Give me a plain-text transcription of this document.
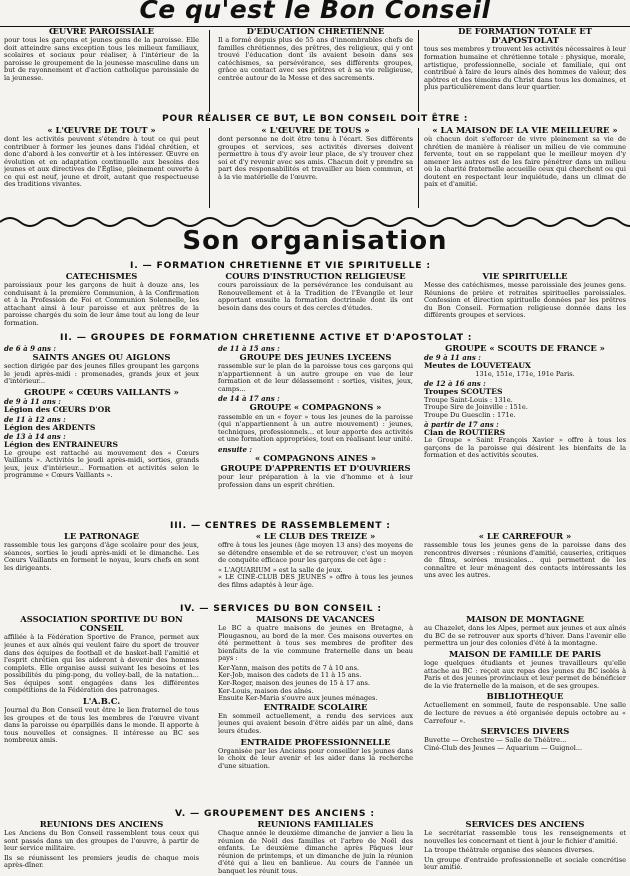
Ce qu'est le Bon Conseil
ŒUVRE PAROISSIALE

pour tous les garçons et jeunes gens de la paroisse. Elle doit atteindre sans exception tous les milieux familiaux, scolaires et sociaux pour réaliser, à l'intérieur de la paroisse le groupement de la jeunesse masculine dans un but de rayonnement et d'action catholique paroissiale de la jeunesse.

D'EDUCATION CHRETIENNE

Il a formé depuis plus de 55 ans d'innombrables chefs de familles chrétiennes, des prêtres, des religieux, qui y ont trouvé l'éducation dont ils avaient besoin dans ses catéchismes, sa persévérance, ses différents groupes, grâce au contact avec ses prêtres et à sa vie religieuse, centrée autour de la Messe et des sacrements.

DE FORMATION TOTALE ET D'APOSTOLAT

tous ses membres y trouvent les activités nécessaires à leur formation humaine et chrétienne totale : physique, morale, artistique, professionnelle, sociale et familiale, qui ont contribué à faire de leurs aînés des hommes de valeur, des apôtres et des témoins du Christ dans tous les domaines, et plus particulièrement dans leur quartier.

POUR RÉALISER CE BUT, LE BON CONSEIL DOIT ÊTRE :
« L'ŒUVRE DE TOUT »

dont les activités peuvent s'étendre à tout ce qui peut contribuer à former les jeunes dans l'idéal chrétien, et donc d'abord à les convertir et à les intéresser. Œuvre en évolution et en adaptation continuelle aux besoins des jeunes et aux directives de l'Église, pleinement ouverte à ce qui est neuf, jeune et droit, autant que respectueuse des traditions vivantes.

« L'ŒUVRE DE TOUS »

dont personne ne doit être tenu à l'écart. Ses différents groupes et services, ses activités diverses doivent permettre à tous d'y avoir leur place, de s'y trouver chez soi et d'y revenir avec ses amis. Chacun doit y prendre sa part des responsabilités et travailler au bien commun, et à la vie matérielle de l'œuvre.

« LA MAISON DE LA VIE MEILLEURE »

où chacun doit s'efforcer de vivre pleinement sa vie de chrétien de manière à réaliser un milieu de vie commune fervente, tout en se rappelant que le meilleur moyen d'y amener les autres est de les faire pénétrer dans un milieu où la charité fraternelle accueille ceux qui cherchent ou qui doutent en respectant leur inquiétude, dans un climat de paix et d'amitié.

Son organisation
I. — FORMATION CHRETIENNE ET VIE SPIRITUELLE :
CATECHISMES

paroissiaux pour les garçons de huit à douze ans, les conduisant à la première Communion, à la Confirmation et à la Profession de Foi et Communion Solennelle, les attachant ainsi à leur paroisse et aux prêtres de la paroisse chargés du soin de leur âme tout au long de leur formation.

COURS D'INSTRUCTION RELIGIEUSE

cours paroissiaux de la persévérance les conduisant au Renouvellement et à la Tradition de l'Évangile et leur apportant ensuite la formation doctrinale dont ils ont besoin dans des cours et des cercles d'études.

VIE SPIRITUELLE

Messe des catéchismes, messe paroissiale des jeunes gens. Réunions de prière et retraites spirituelles paroissiales. Confession et direction spirituelle données par les prêtres du Bon Conseil. Formation religieuse donnée dans les différents groupes et services.

II. — GROUPES DE FORMATION CHRETIENNE ACTIVE ET D'APOSTOLAT :
de 6 à 9 ans :
SAINTS ANGES OU AIGLONS

section dirigée par des jeunes filles groupant les garçons le jeudi après-midi : promenades, grands jeux et jeux d'intérieur...

GROUPE « CŒURS VAILLANTS »
de 9 à 11 ans :
Légion des CŒURS D'OR
de 11 à 12 ans :
Légion des ARDENTS
de 13 à 14 ans :
Légion des ENTRAINEURS

Le groupe est rattaché au mouvement des « Cœurs Vaillants ». Activités le jeudi après-midi, sorties, grands jeux, jeux d'intérieur... Formation et activités selon le programme « Cœurs Vaillants ».

de 11 à 15 ans :
GROUPE DES JEUNES LYCEENS

rassemble sur le plan de la paroisse tous ces garçons qui n'appartiennent à un autre groupe en vue de leur formation et de leur délassement : sorties, visites, jeux, camps...

de 14 à 17 ans :
GROUPE « COMPAGNONS »

rassemble en un « foyer » tous les jeunes de la paroisse (qui n'appartiennent à un autre mouvement) : jeunes, techniques, professionnels... et leur apporte des activités et une formation appropriées, tout en réalisant leur unité.

ensuite :
« COMPAGNONS AINES »
GROUPE D'APPRENTIS ET D'OUVRIERS

pour leur préparation à la vie d'homme et à leur profession dans un esprit chrétien.

GROUPE « SCOUTS DE FRANCE »
de 9 à 11 ans :
Meutes de LOUVETEAUX

131e, 151e, 171e, 191e Paris.

de 12 à 16 ans :
Troupes SCOUTES
Troupe Saint-Louis : 131e.
Troupe Sire de Joinville : 151e.
Troupe Du Guesclin : 171e.
à partir de 17 ans :
Clan de ROUTIERS

Le Groupe « Saint François Xavier » offre à tous les garçons de la paroisse qui désirent les bienfaits de la formation et des activités scoutes.

III. — CENTRES DE RASSEMBLEMENT :
LE PATRONAGE

rassemble tous les garçons d'âge scolaire pour des jeux, séances, sorties le jeudi après-midi et le dimanche. Les Cœurs Vaillants en forment le noyau, leurs chefs en sont les dirigeants.

« LE CLUB DES TREIZE »

offre à tous les jeunes (âge moyen 13 ans) des moyens de se détendre ensemble et de se retrouver, c'est un moyen de conquête efficace pour les garçons de cet âge :

« L'AQUARIUM » est la salle de jeux.
« LE CINÉ-CLUB DES JEUNES » offre à tous les jeunes des films adaptés à leur âge.
« LE CARREFOUR »

rassemble tous les jeunes gens de la paroisse dans des rencontres diverses : réunions d'amitié, causeries, critiques de films, soirées musicales... qui permettent de les connaître et leur ménagent des contacts intéressants les uns avec les autres.

IV. — SERVICES DU BON CONSEIL :
ASSOCIATION SPORTIVE DU BON CONSEIL

affiliée à la Fédération Sportive de France, permet aux jeunes et aux aînés qui veulent faire du sport de trouver dans des équipes de football et de basket-ball l'amitié et l'esprit chrétien qui les aideront à devenir des hommes complets. Elle organise aussi suivant les besoins et les possibilités du ping-pong, du volley-ball, de la natation... Ses équipes sont engagées dans les différentes compétitions de la Fédération des patronages.

L'A.B.C.

Journal du Bon Conseil veut être le lien fraternel de tous les groupes et de tous les membres de l'œuvre vivant dans la paroisse ou éparpillés dans le monde. Il apporte à tous nouvelles et consignes. Il intéresse au BC ses nombreux amis.

MAISONS DE VACANCES

Le BC a quatre maisons de jeunes en Bretagne, à Plougasnou, au bord de la mer. Ces maisons ouvertes en été permettent à tous ses membres de profiter des bienfaits de la vie commune fraternelle dans un beau pays :

Ker-Yann, maison des petits de 7 à 10 ans.
Ker-Job, maison des cadets de 11 à 15 ans.
Ker-Roger, maison des jeunes de 15 à 17 ans.
Ker-Louis, maison des aînés.
Ensuite Ker-Maria s'ouvre aux jeunes ménages.
ENTRAIDE SCOLAIRE

En sommeil actuellement, a rendu des services aux jeunes qui avaient besoin d'être aidés par un aîné, dans leurs études.

ENTRAIDE PROFESSIONNELLE

Organisée par les Anciens pour conseiller les jeunes dans le choix de leur avenir et les aider dans la recherche d'une situation.

MAISON DE MONTAGNE

au Chazelet, dans les Alpes, permet aux jeunes et aux aînés du BC de se retrouver aux sports d'hiver. Dans l'avenir elle permettra un jour des colonies d'été à la montagne.

MAISON DE FAMILLE DE PARIS

loge quelques étudiants et jeunes travailleurs qu'elle attache au BC : reçoit aux repas des jeunes du BC isolés à Paris et des jeunes provinciaux et leur permet de bénéficier de la vie fraternelle de la maison, et de ses groupes.

BIBLIOTHEQUE

Actuellement en sommeil, faute de responsable. Une salle de lecture de revues a été organisée depuis octobre au « Carrefour ».

SERVICES DIVERS
Buvette — Orchestre — Salle de Théâtre...
Ciné-Club des Jeunes — Aquarium — Guignol...
V. — GROUPEMENT DES ANCIENS :
REUNIONS DES ANCIENS

Les Anciens du Bon Conseil rassemblent tous ceux qui sont passés dans un des groupes de l'œuvre, à partir de leur service militaire.

Ils se réunissent les premiers jeudis de chaque mois après-dîner.

REUNIONS FAMILIALES

Chaque année le deuxième dimanche de janvier a lieu la réunion de Noël des familles et l'arbre de Noël des enfants. Le deuxième dimanche après Pâques leur réunion de printemps, et un dimanche de juin la réunion d'été qui a lieu en banlieue. Au cours de l'année un banquet les réunit tous.

SERVICES DES ANCIENS

Le secrétariat rassemble tous les renseignements et nouvelles les concernant et tient à jour le fichier d'amitié.

La troupe théâtrale organise des séances diverses.

Un groupe d'entraide professionnelle et sociale concrétise leur amitié.
